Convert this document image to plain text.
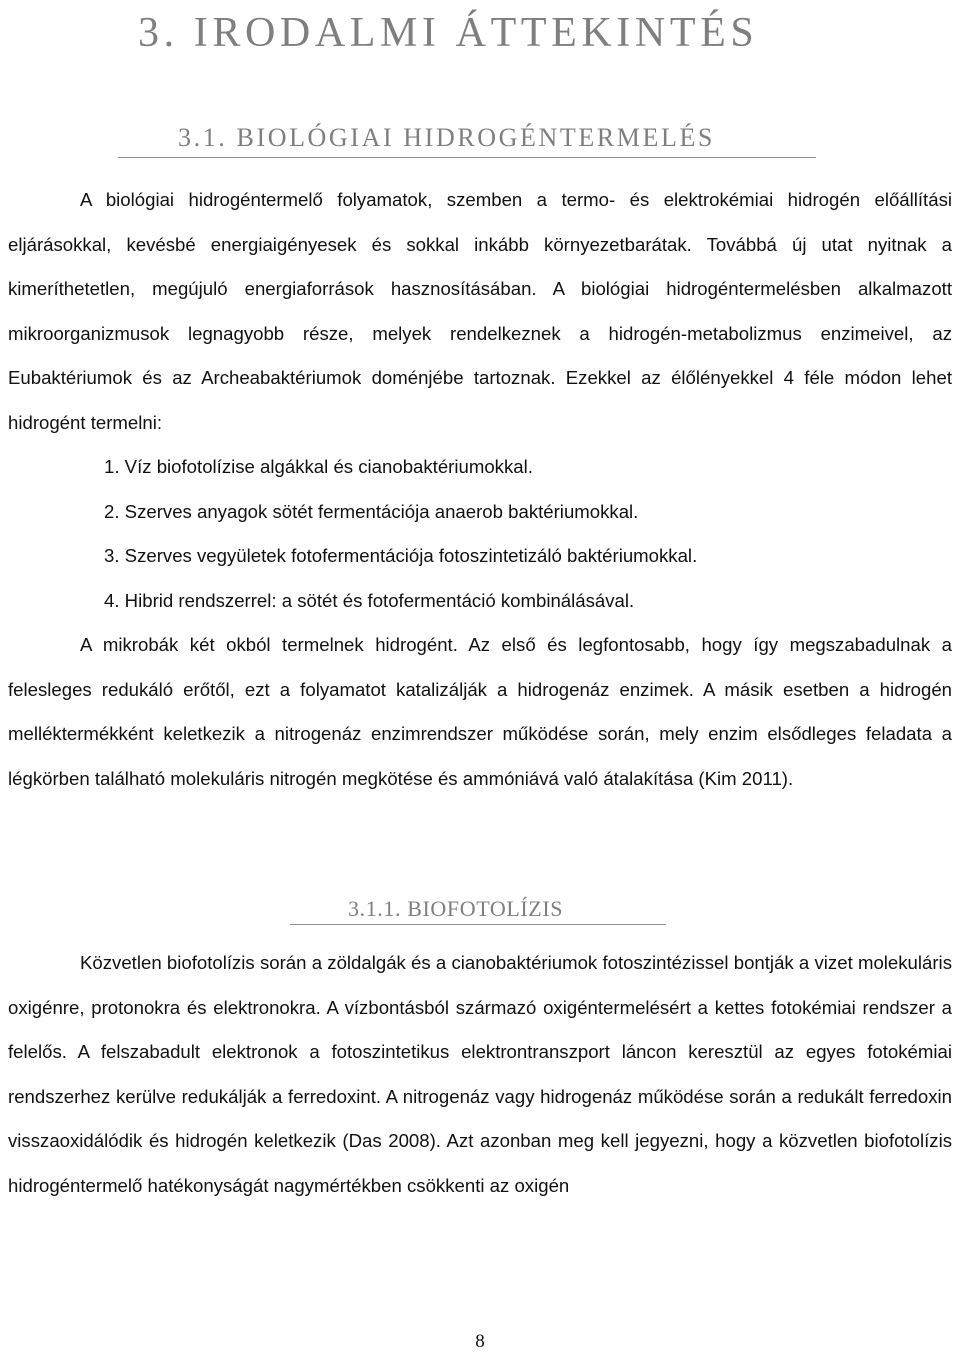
3. IRODALMI ÁTTEKINTÉS
3.1. BIOLÓGIAI HIDROGÉNTERMELÉS

A biológiai hidrogéntermelő folyamatok, szemben a termo- és elektrokémiai hidrogén előállítási eljárásokkal, kevésbé energiaigényesek és sokkal inkább környezetbarátak. Továbbá új utat nyitnak a kimeríthetetlen, megújuló energiaforrások hasznosításában. A biológiai hidrogéntermelésben alkalmazott mikroorganizmusok legnagyobb része, melyek rendelkeznek a hidrogén-metabolizmus enzimeivel, az Eubaktériumok és az Archeabaktériumok doménjébe tartoznak. Ezekkel az élőlényekkel 4 féle módon lehet hidrogént termelni:

1. Víz biofotolízise algákkal és cianobaktériumokkal.
2. Szerves anyagok sötét fermentációja anaerob baktériumokkal.
3. Szerves vegyületek fotofermentációja fotoszintetizáló baktériumokkal.
4. Hibrid rendszerrel: a sötét és fotofermentáció kombinálásával.

A mikrobák két okból termelnek hidrogént. Az első és legfontosabb, hogy így megszabadulnak a felesleges redukáló erőtől, ezt a folyamatot katalizálják a hidrogenáz enzimek. A másik esetben a hidrogén melléktermékként keletkezik a nitrogenáz enzimrendszer működése során, mely enzim elsődleges feladata a légkörben található molekuláris nitrogén megkötése és ammóniává való átalakítása (Kim 2011).

3.1.1. BIOFOTOLÍZIS

Közvetlen biofotolízis során a zöldalgák és a cianobaktériumok fotoszintézissel bontják a vizet molekuláris oxigénre, protonokra és elektronokra. A vízbontásból származó oxigéntermelésért a kettes fotokémiai rendszer a felelős. A felszabadult elektronok a fotoszintetikus elektrontranszport láncon keresztül az egyes fotokémiai rendszerhez kerülve redukálják a ferredoxint. A nitrogenáz vagy hidrogenáz működése során a redukált ferredoxin visszaoxidálódik és hidrogén keletkezik (Das 2008). Azt azonban meg kell jegyezni, hogy a közvetlen biofotolízis hidrogéntermelő hatékonyságát nagymértékben csökkenti az oxigén

8
